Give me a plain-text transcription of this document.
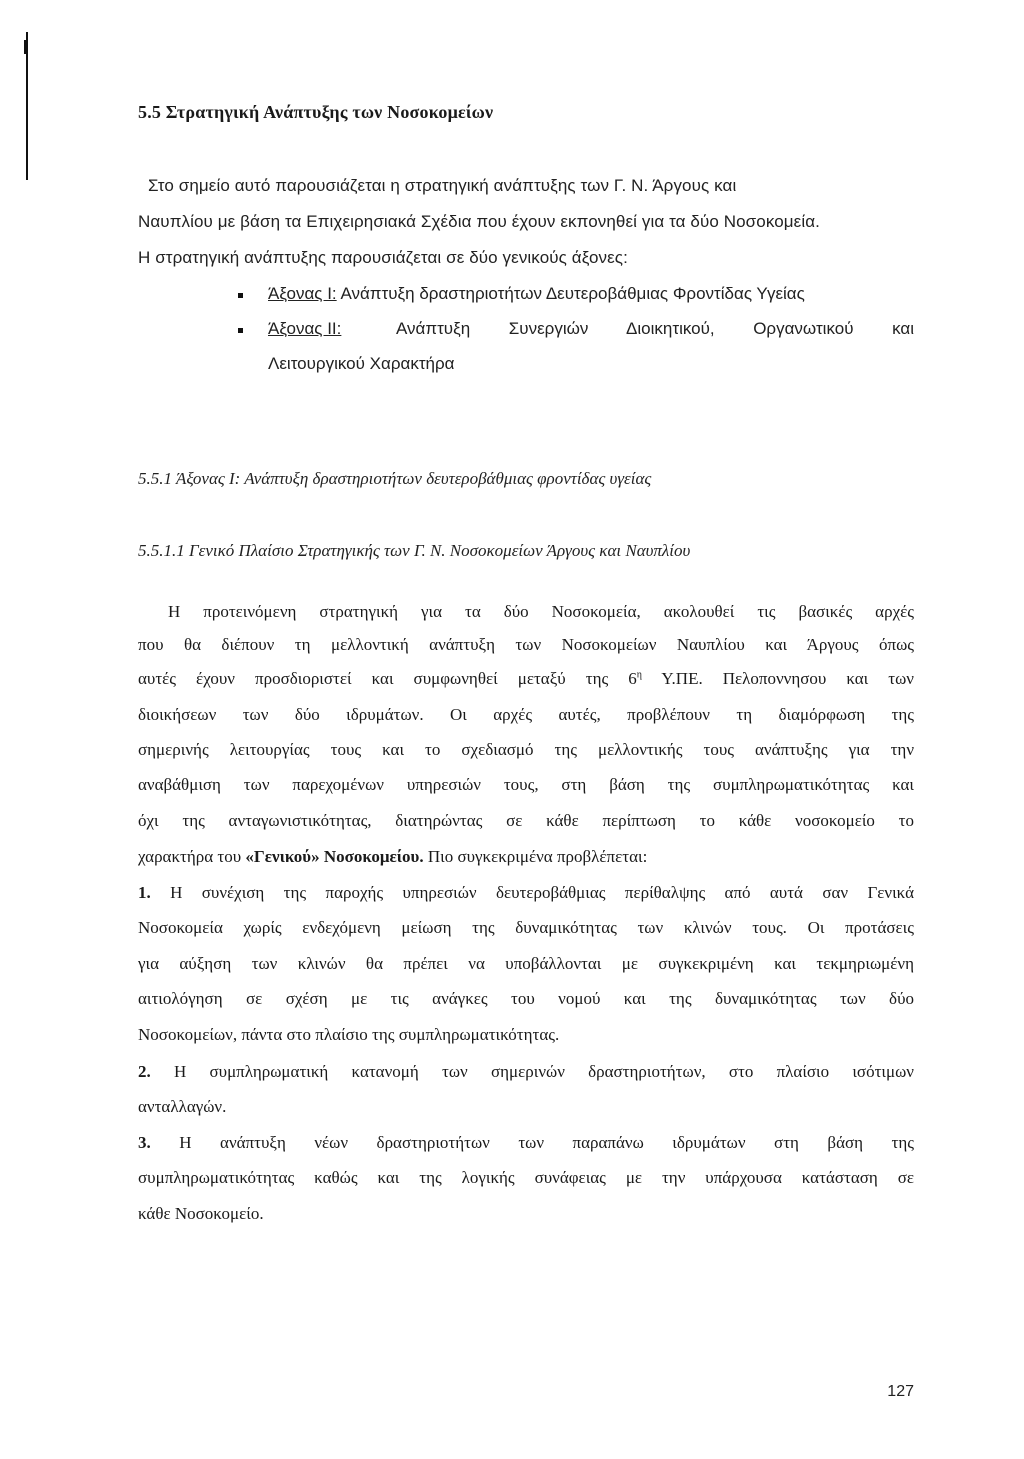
5.5 Στρατηγική Ανάπτυξης των Νοσοκομείων
Στο σημείο αυτό παρουσιάζεται η στρατηγική ανάπτυξης των Γ. Ν. Άργους και
Ναυπλίου με βάση τα Επιχειρησιακά Σχέδια που έχουν εκπονηθεί για τα δύο Νοσοκομεία.
Η στρατηγική ανάπτυξης παρουσιάζεται σε δύο γενικούς άξονες:
Άξονας Ι: Ανάπτυξη δραστηριοτήτων Δευτεροβάθμιας Φροντίδας Υγείας
Άξονας ΙΙ:	Ανάπτυξη Συνεργιών Διοικητικού, Οργανωτικού και
Λειτουργικού Χαρακτήρα
5.5.1 Άξονας Ι: Ανάπτυξη δραστηριοτήτων δευτεροβάθμιας φροντίδας υγείας
5.5.1.1 Γενικό Πλαίσιο Στρατηγικής των Γ. Ν. Νοσοκομείων Άργους και Ναυπλίου
Η προτεινόμενη στρατηγική για τα δύο Νοσοκομεία, ακολουθεί τις βασικές αρχές
που θα διέπουν τη μελλοντική ανάπτυξη των Νοσοκομείων Ναυπλίου και Άργους όπως
αυτές έχουν προσδιοριστεί και συμφωνηθεί μεταξύ της $6^\eta$ Υ.ΠΕ. Πελοποννησου και των
διοικήσεων των δύο ιδρυμάτων. Οι αρχές αυτές, προβλέπουν τη διαμόρφωση της
σημερινής λειτουργίας τους και το σχεδιασμό της μελλοντικής τους ανάπτυξης για την
αναβάθμιση των παρεχομένων υπηρεσιών τους, στη βάση της συμπληρωματικότητας και
όχι της ανταγωνιστικότητας, διατηρώντας σε κάθε περίπτωση το κάθε νοσοκομείο το
χαρακτήρα του «Γενικού» Νοσοκομείου. Πιο συγκεκριμένα προβλέπεται:
1. Η συνέχιση της παροχής υπηρεσιών δευτεροβάθμιας περίθαλψης από αυτά σαν Γενικά
Νοσοκομεία χωρίς ενδεχόμενη μείωση της δυναμικότητας των κλινών τους. Οι προτάσεις
για αύξηση των κλινών θα πρέπει να υποβάλλονται με συγκεκριμένη και τεκμηριωμένη
αιτιολόγηση σε σχέση με τις ανάγκες του νομού και της δυναμικότητας των δύο
Νοσοκομείων, πάντα στο πλαίσιο της συμπληρωματικότητας.
2. Η συμπληρωματική κατανομή των σημερινών δραστηριοτήτων, στο πλαίσιο ισότιμων
ανταλλαγών.
3. Η ανάπτυξη νέων δραστηριοτήτων των παραπάνω ιδρυμάτων στη βάση της
συμπληρωματικότητας καθώς και της λογικής συνάφειας με την υπάρχουσα κατάσταση σε
κάθε Νοσοκομείο.
127
